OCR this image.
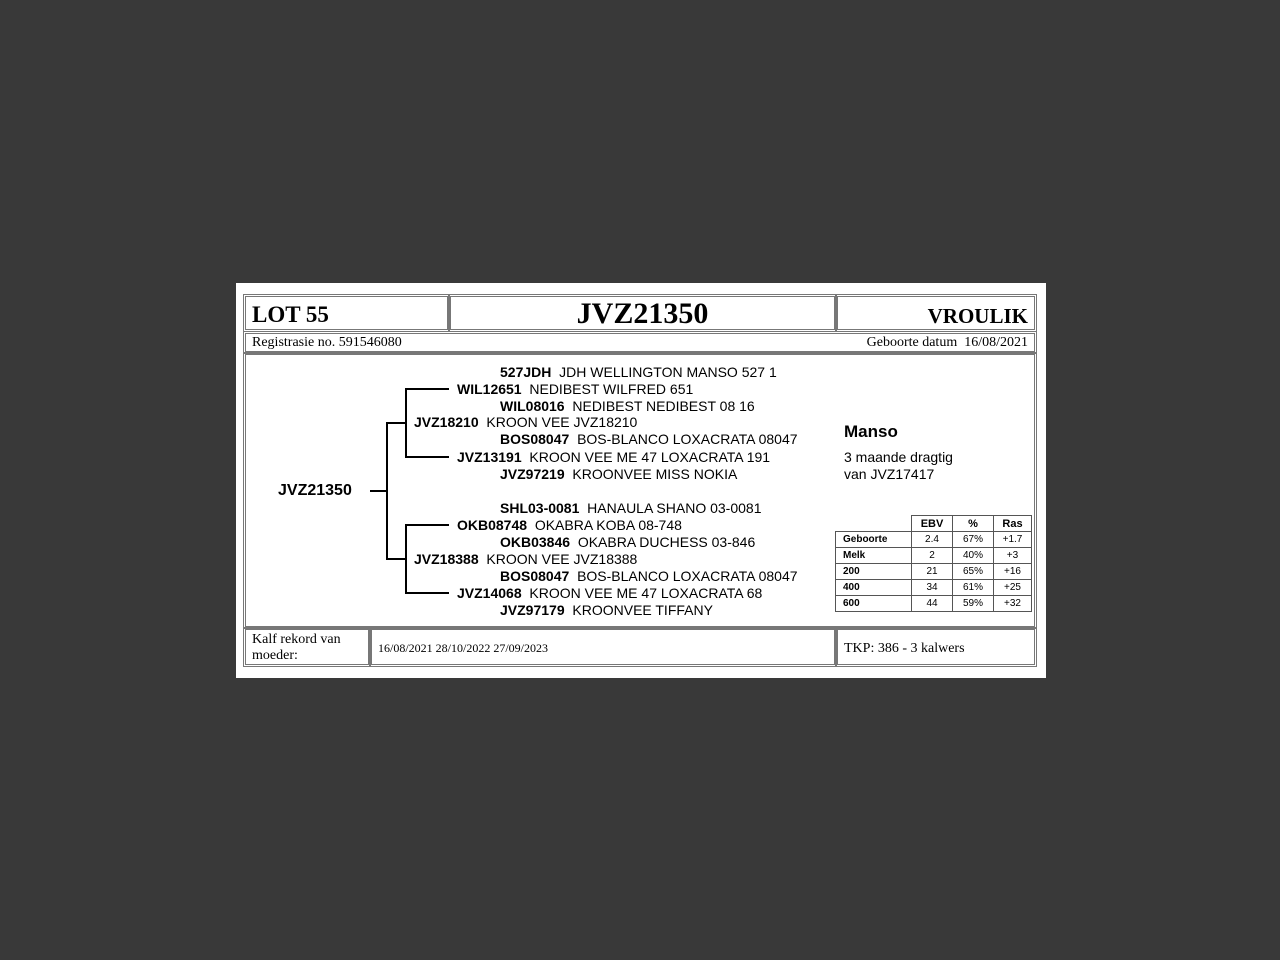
LOT 55	JVZ21350	VROULIK
Registrasie no. 591546080	Geboorte datum 16/08/2021
JVZ21350
JVZ18210 KROON VEE JVZ18210
WIL12651 NEDIBEST WILFRED 651
527JDH JDH WELLINGTON MANSO 527 1
WIL08016 NEDIBEST NEDIBEST 08 16
JVZ13191 KROON VEE ME 47 LOXACRATA 191
BOS08047 BOS-BLANCO LOXACRATA 08047
JVZ97219 KROONVEE MISS NOKIA
JVZ18388 KROON VEE JVZ18388
OKB08748 OKABRA KOBA 08-748
SHL03-0081 HANAULA SHANO 03-0081
OKB03846 OKABRA DUCHESS 03-846
JVZ14068 KROON VEE ME 47 LOXACRATA 68
BOS08047 BOS-BLANCO LOXACRATA 08047
JVZ97179 KROONVEE TIFFANY
Manso
3 maande dragtig
van JVZ17417
	EBV	%	Ras
Geboorte	2.4	67%	+1.7
Melk	2	40%	+3
200	21	65%	+16
400	34	61%	+25
600	44	59%	+32
Kalf rekord van
moeder:	16/08/2021 28/10/2022 27/09/2023	TKP: 386 - 3 kalwers
